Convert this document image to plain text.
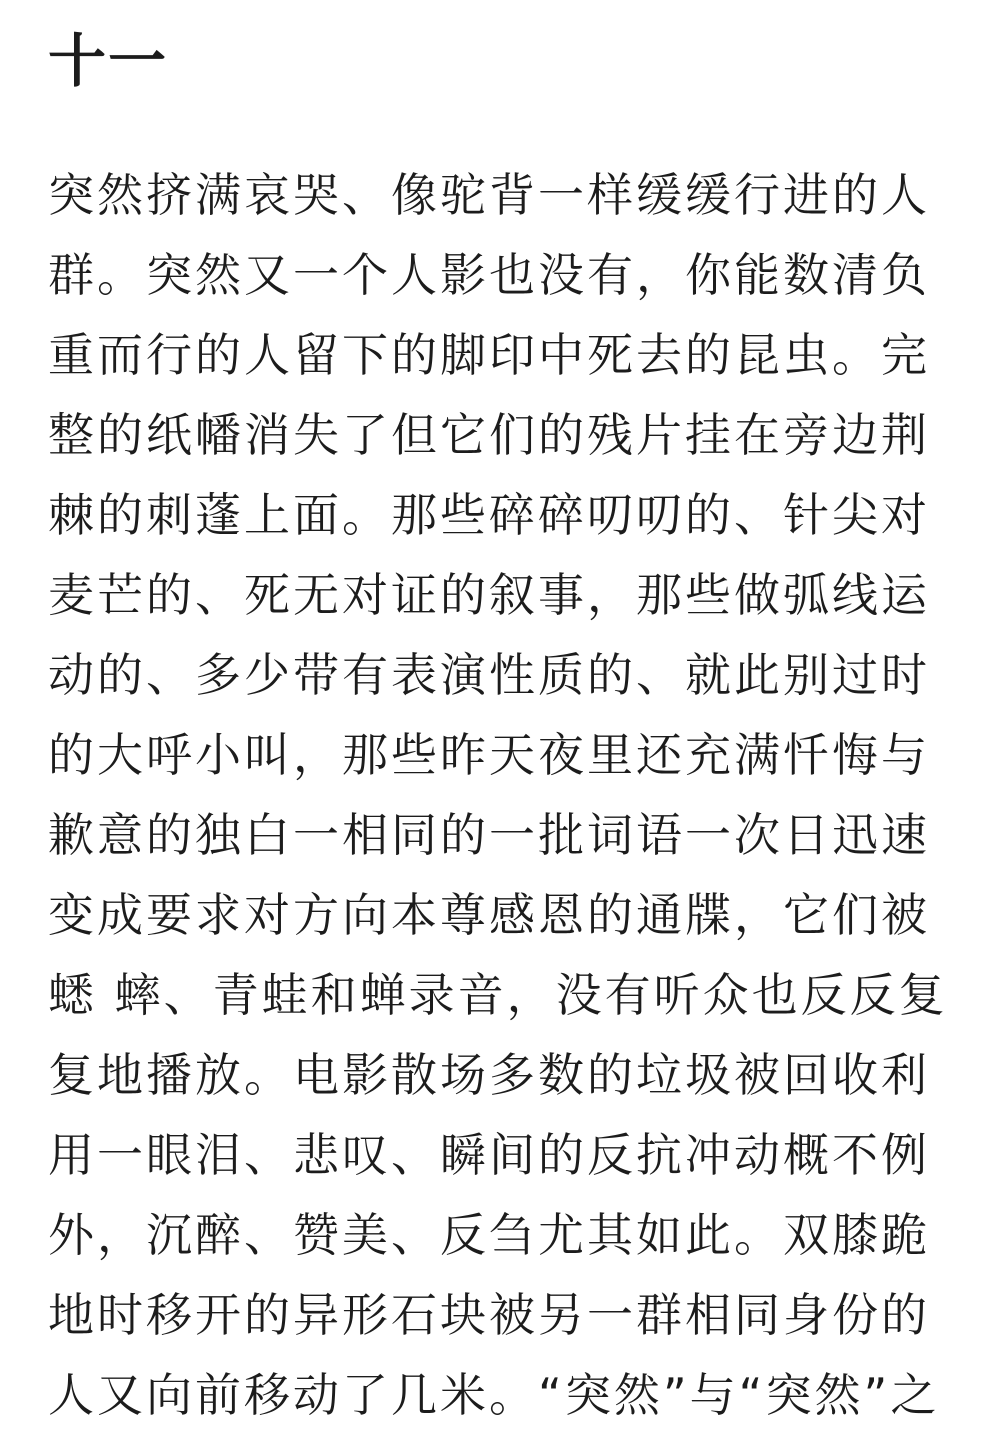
十一
突然挤满哀哭、像驼背一样缓缓行进的人
群。突然又一个人影也没有，你能数清负
重而行的人留下的脚印中死去的昆虫。完
整的纸幡消失了但它们的残片挂在旁边荆
棘的刺蓬上面。那些碎碎叨叨的、针尖对
麦芒的、死无对证的叙事，那些做弧线运
动的、多少带有表演性质的、就此别过时
的大呼小叫，那些昨天夜里还充满忏悔与
歉意的独白一相同的一批词语一次日迅速
变成要求对方向本尊感恩的通牒，它们被
蟋 蟀、青蛙和蝉录音，没有听众也反反复
复地播放。电影散场多数的垃圾被回收利
用一眼泪、悲叹、瞬间的反抗冲动概不例
外，沉醉、赞美、反刍尤其如此。双膝跪
地时移开的异形石块被另一群相同身份的
人又向前移动了几米。“突然”与“突然”之
